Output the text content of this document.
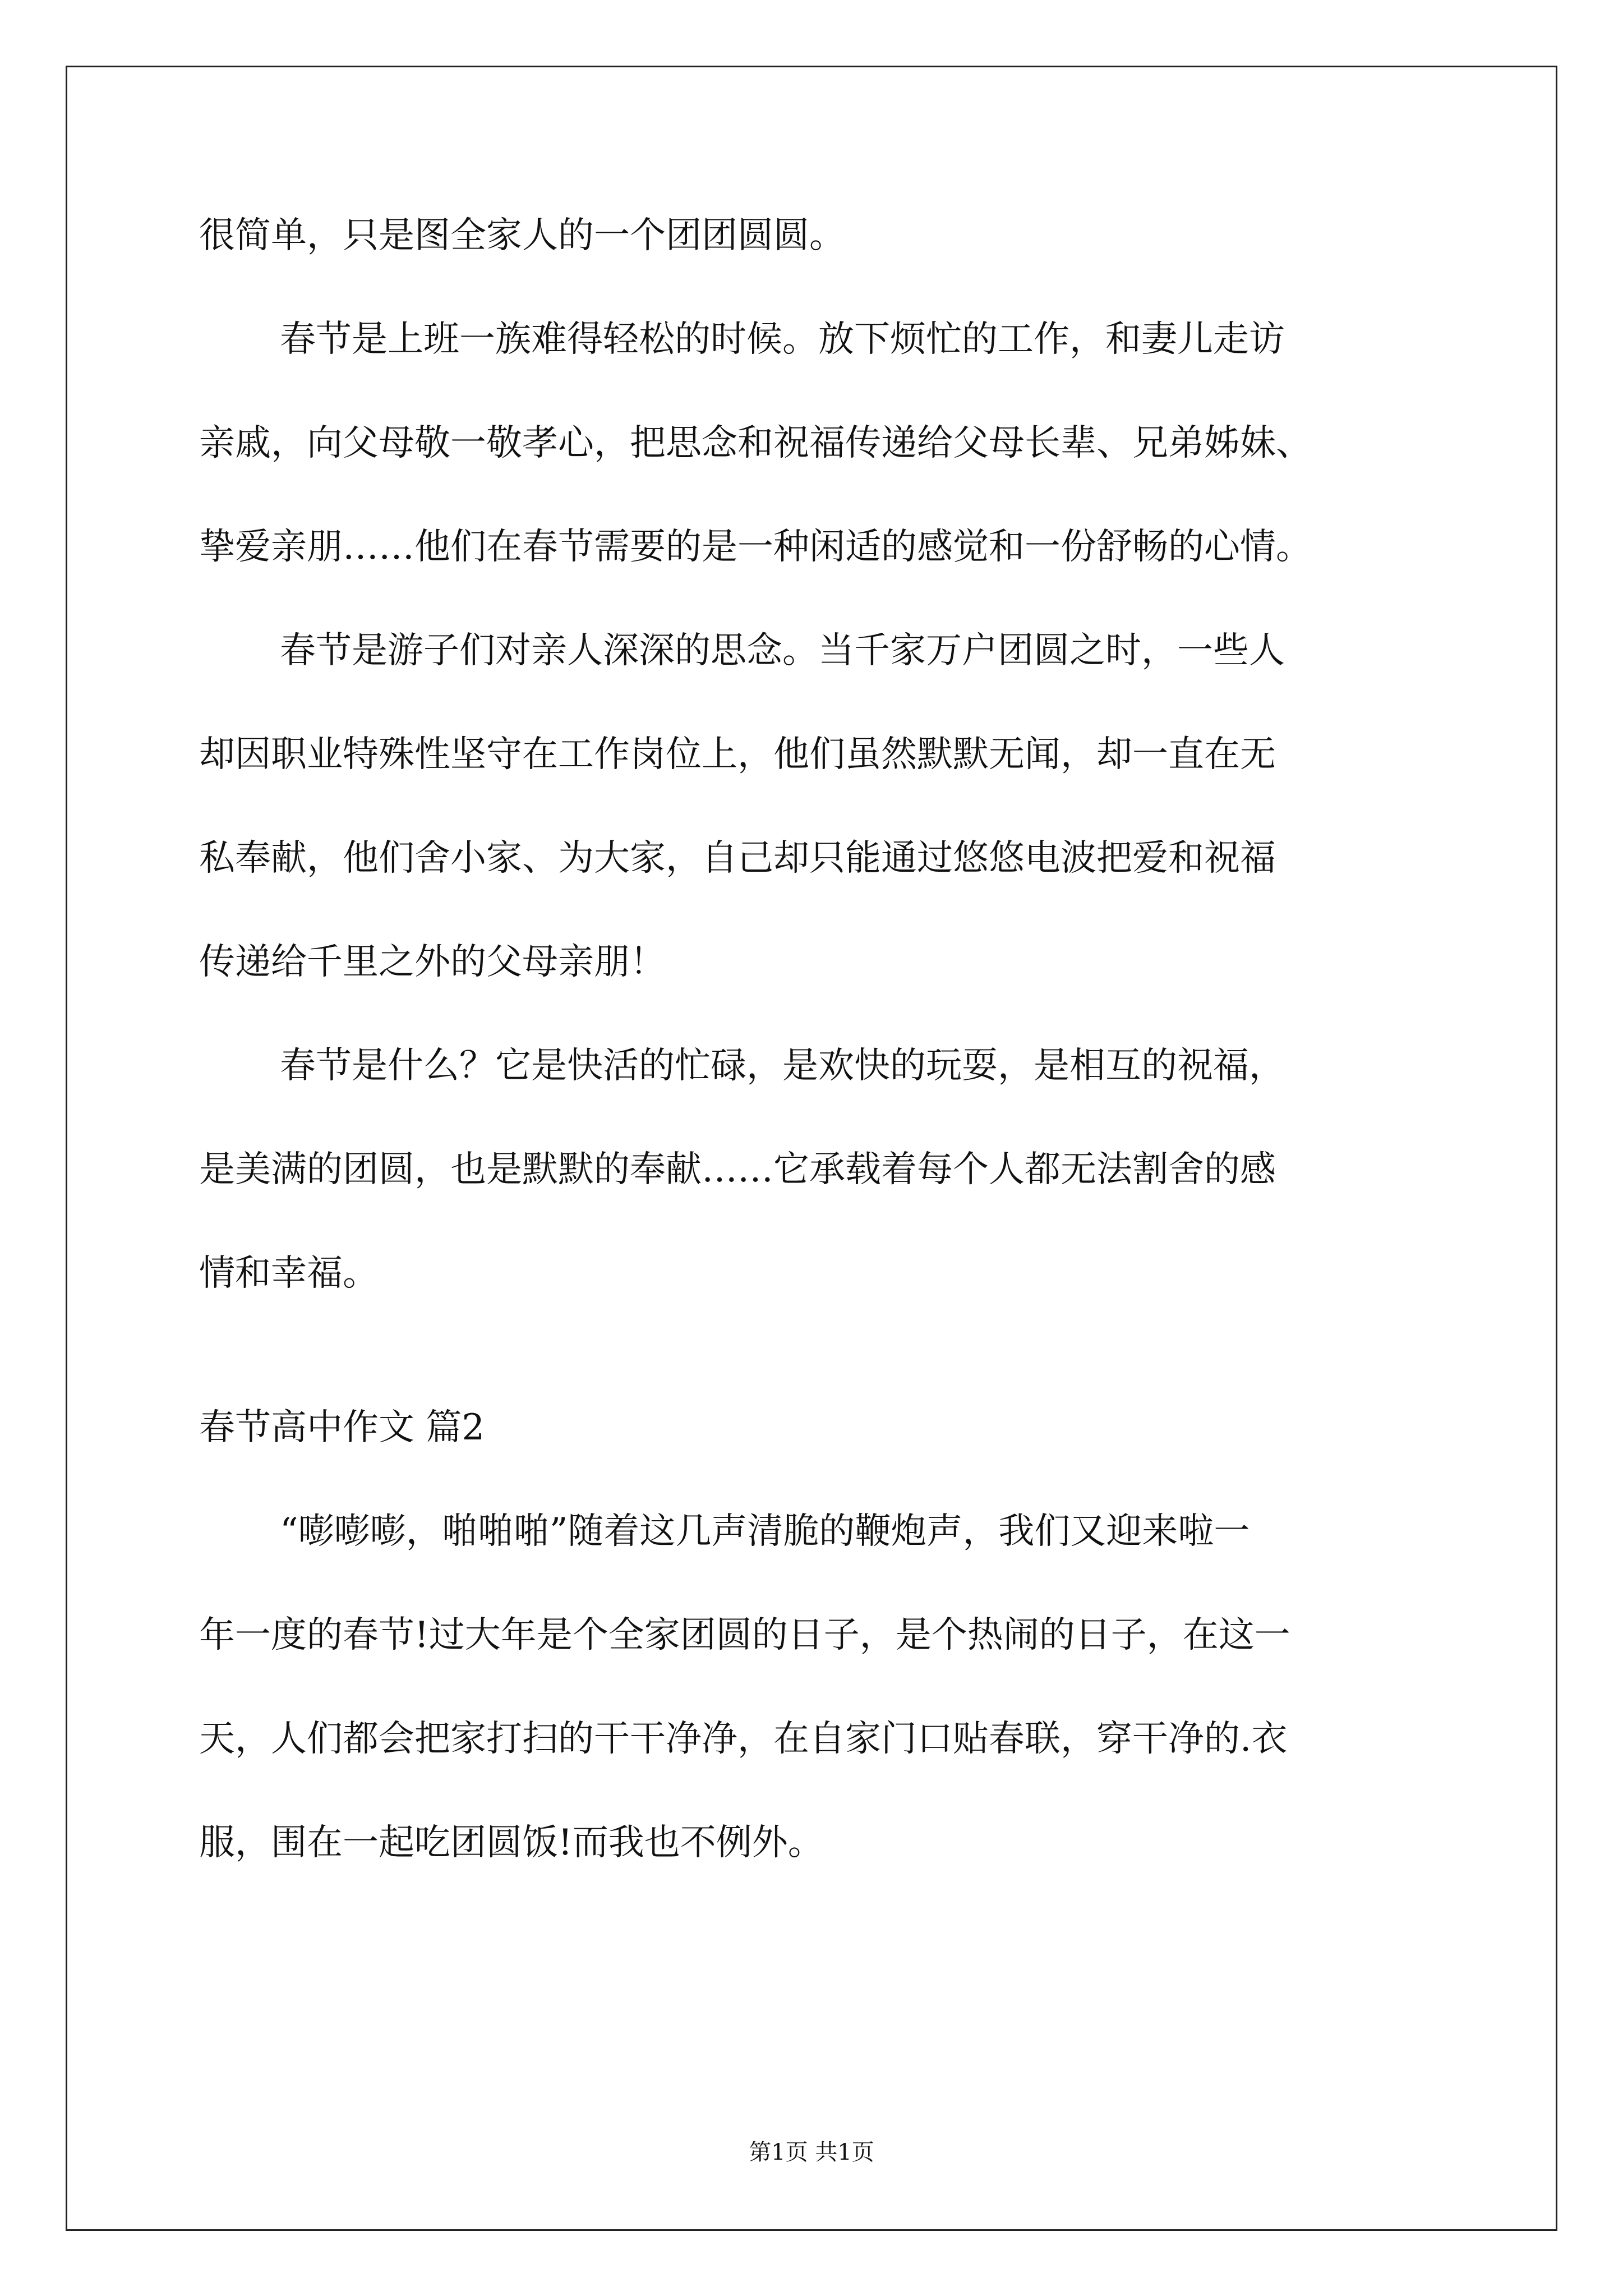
很简单，只是图全家人的一个团团圆圆。
春节是上班一族难得轻松的时候。放下烦忙的工作，和妻儿走访
亲戚，向父母敬一敬孝心，把思念和祝福传递给父母长辈、兄弟姊妹、
挚爱亲朋……他们在春节需要的是一种闲适的感觉和一份舒畅的心情。
春节是游子们对亲人深深的思念。当千家万户团圆之时，一些人
却因职业特殊性坚守在工作岗位上，他们虽然默默无闻，却一直在无
私奉献，他们舍小家、为大家，自己却只能通过悠悠电波把爱和祝福
传递给千里之外的父母亲朋！
春节是什么？它是快活的忙碌，是欢快的玩耍，是相互的祝福，
是美满的团圆，也是默默的奉献……它承载着每个人都无法割舍的感
情和幸福。
春节高中作文 篇2
“嘭嘭嘭，啪啪啪”随着这几声清脆的鞭炮声，我们又迎来啦一
年一度的春节!过大年是个全家团圆的日子，是个热闹的日子，在这一
天，人们都会把家打扫的干干净净，在自家门口贴春联，穿干净的.衣
服，围在一起吃团圆饭!而我也不例外。
第1页 共1页
